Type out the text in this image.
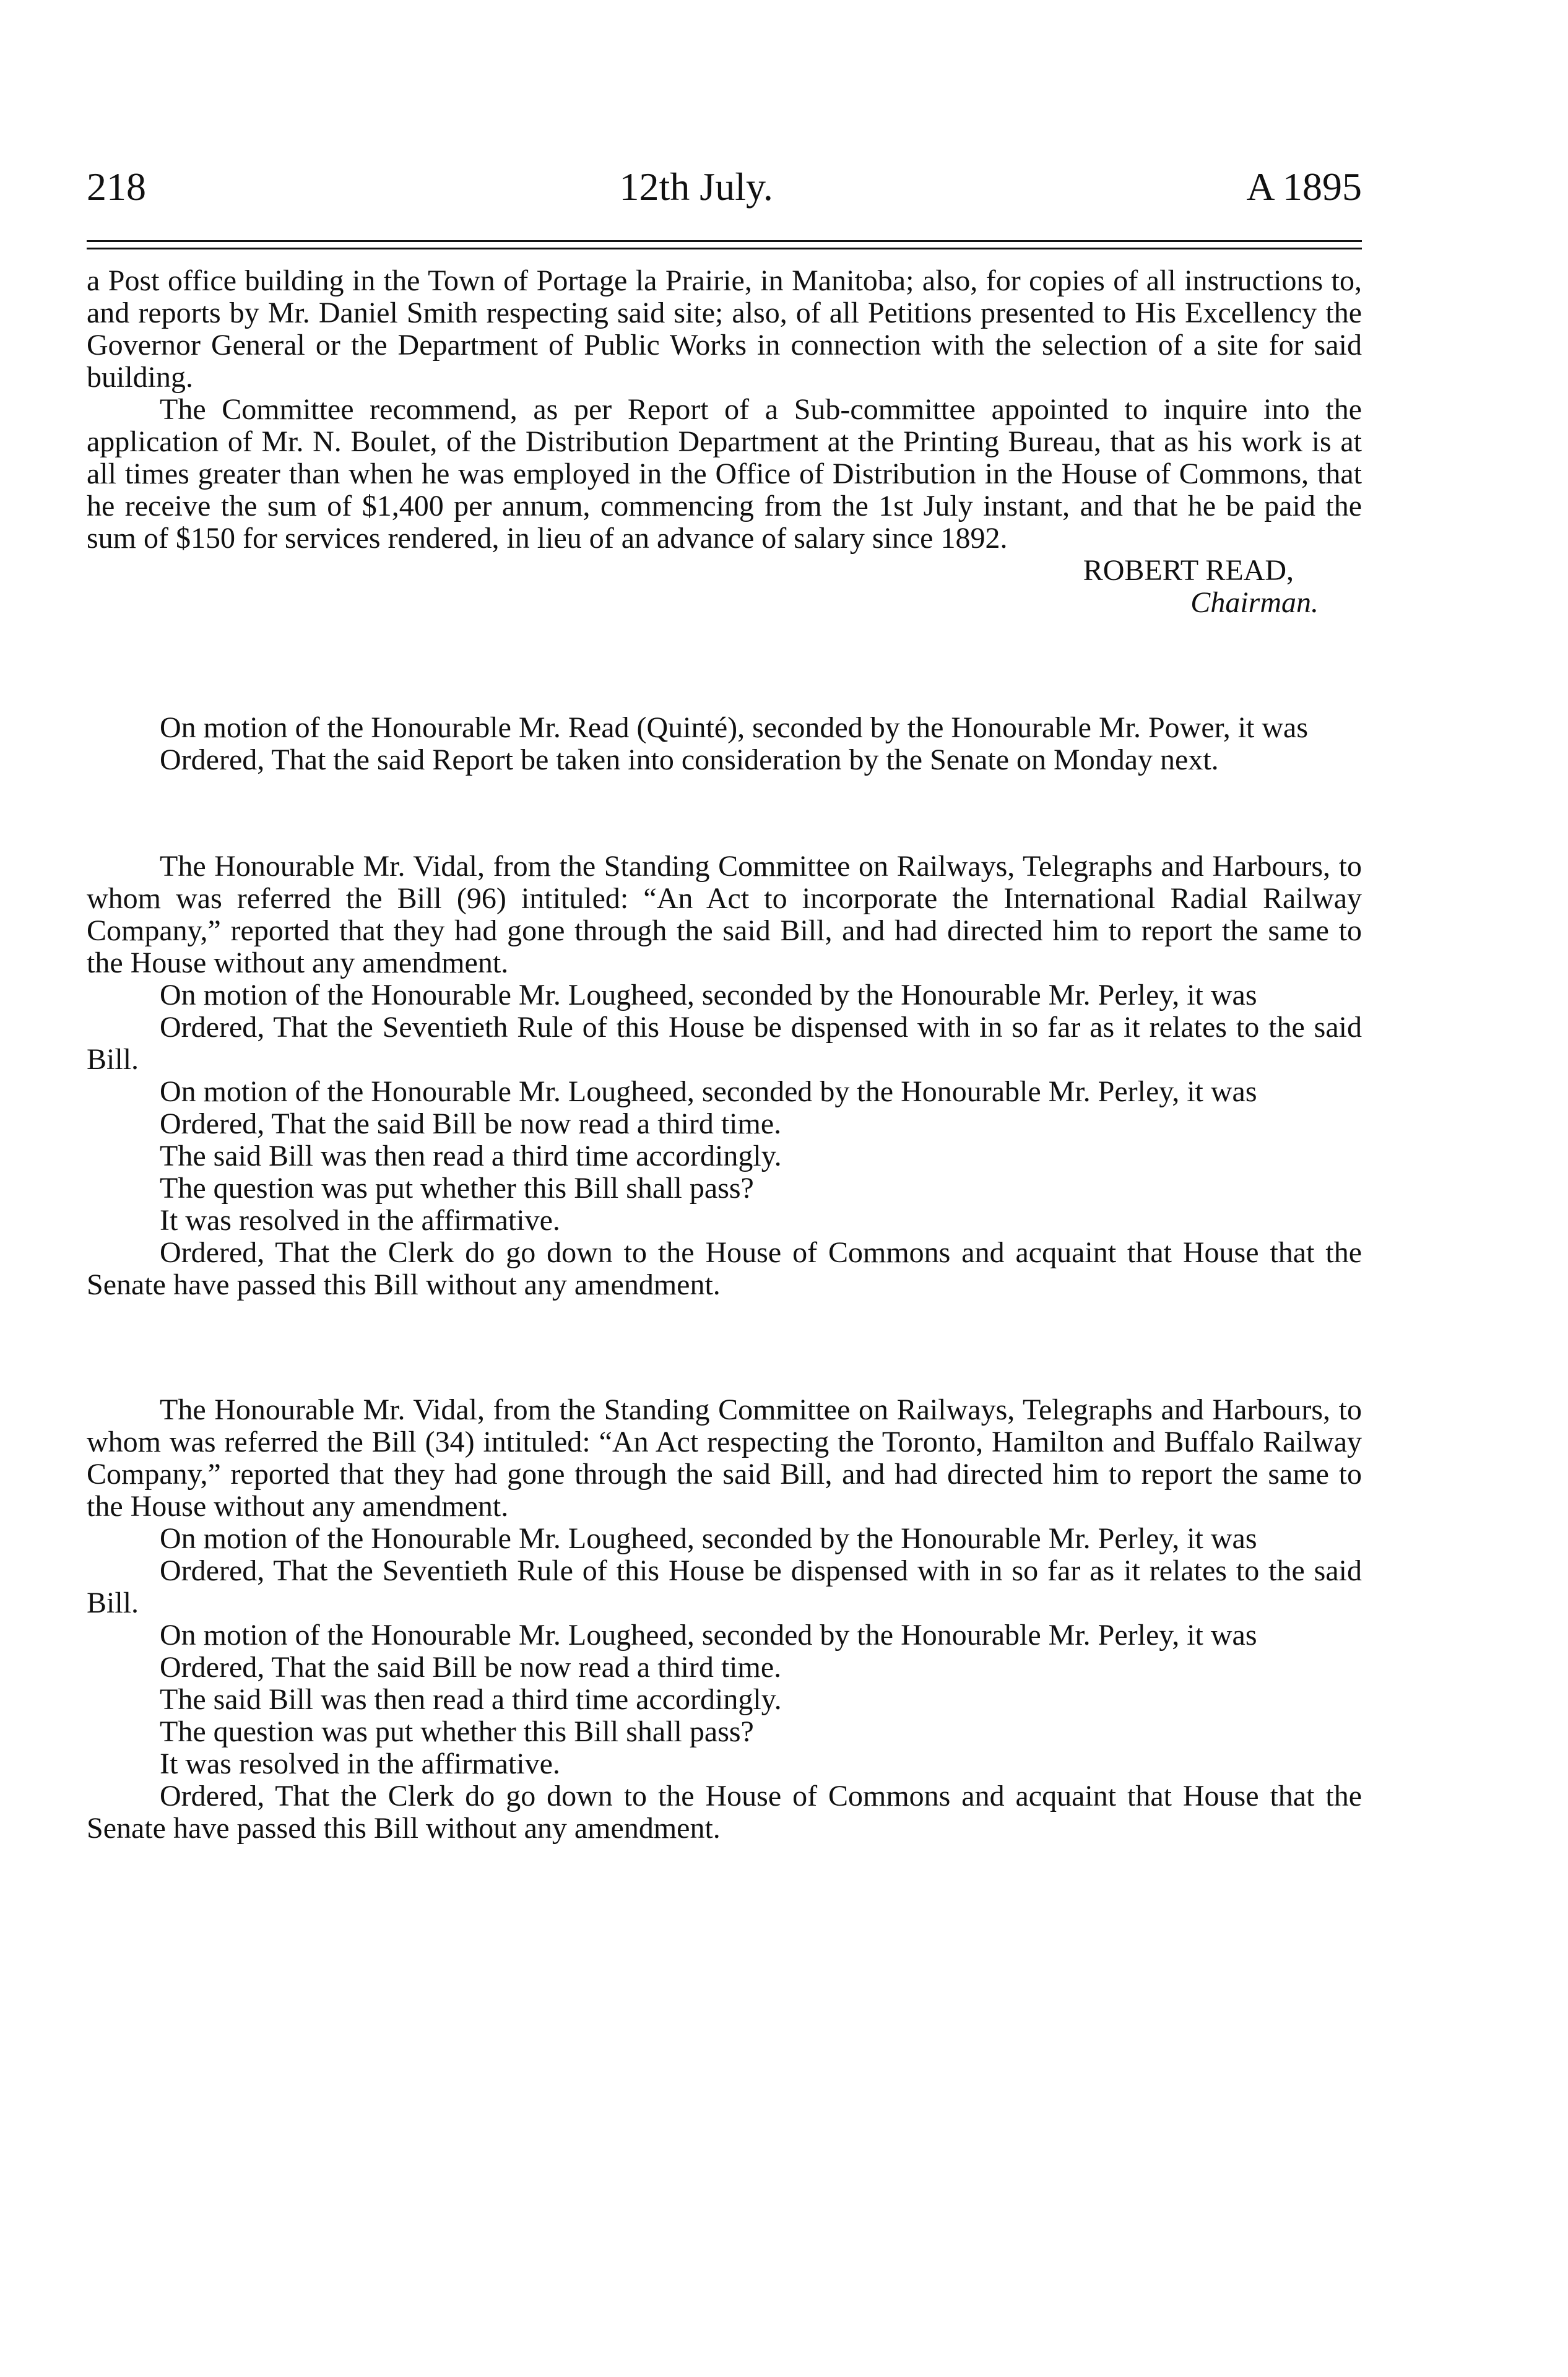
218	12th July.	A 1895

a Post office building in the Town of Portage la Prairie, in Manitoba; also, for copies of all instructions to, and reports by Mr. Daniel Smith respecting said site; also, of all Petitions presented to His Excellency the Governor General or the Department of Public Works in connection with the selection of a site for said building.

The Committee recommend, as per Report of a Sub-committee appointed to inquire into the application of Mr. N. Boulet, of the Distribution Department at the Printing Bureau, that as his work is at all times greater than when he was employed in the Office of Distribution in the House of Commons, that he receive the sum of $1,400 per annum, commencing from the 1st July instant, and that he be paid the sum of $150 for services rendered, in lieu of an advance of salary since 1892.

ROBERT READ,

Chairman.

On motion of the Honourable Mr. Read (Quinté), seconded by the Honourable Mr. Power, it was

Ordered, That the said Report be taken into consideration by the Senate on Monday next.

The Honourable Mr. Vidal, from the Standing Committee on Railways, Telegraphs and Harbours, to whom was referred the Bill (96) intituled: “An Act to incorporate the International Radial Railway Company,” reported that they had gone through the said Bill, and had directed him to report the same to the House without any amendment.

On motion of the Honourable Mr. Lougheed, seconded by the Honourable Mr. Perley, it was

Ordered, That the Seventieth Rule of this House be dispensed with in so far as it relates to the said Bill.

On motion of the Honourable Mr. Lougheed, seconded by the Honourable Mr. Perley, it was

Ordered, That the said Bill be now read a third time.

The said Bill was then read a third time accordingly.

The question was put whether this Bill shall pass?

It was resolved in the affirmative.

Ordered, That the Clerk do go down to the House of Commons and acquaint that House that the Senate have passed this Bill without any amendment.

The Honourable Mr. Vidal, from the Standing Committee on Railways, Telegraphs and Harbours, to whom was referred the Bill (34) intituled: “An Act respecting the Toronto, Hamilton and Buffalo Railway Company,” reported that they had gone through the said Bill, and had directed him to report the same to the House without any amendment.

On motion of the Honourable Mr. Lougheed, seconded by the Honourable Mr. Perley, it was

Ordered, That the Seventieth Rule of this House be dispensed with in so far as it relates to the said Bill.

On motion of the Honourable Mr. Lougheed, seconded by the Honourable Mr. Perley, it was

Ordered, That the said Bill be now read a third time.

The said Bill was then read a third time accordingly.

The question was put whether this Bill shall pass?

It was resolved in the affirmative.

Ordered, That the Clerk do go down to the House of Commons and acquaint that House that the Senate have passed this Bill without any amendment.
